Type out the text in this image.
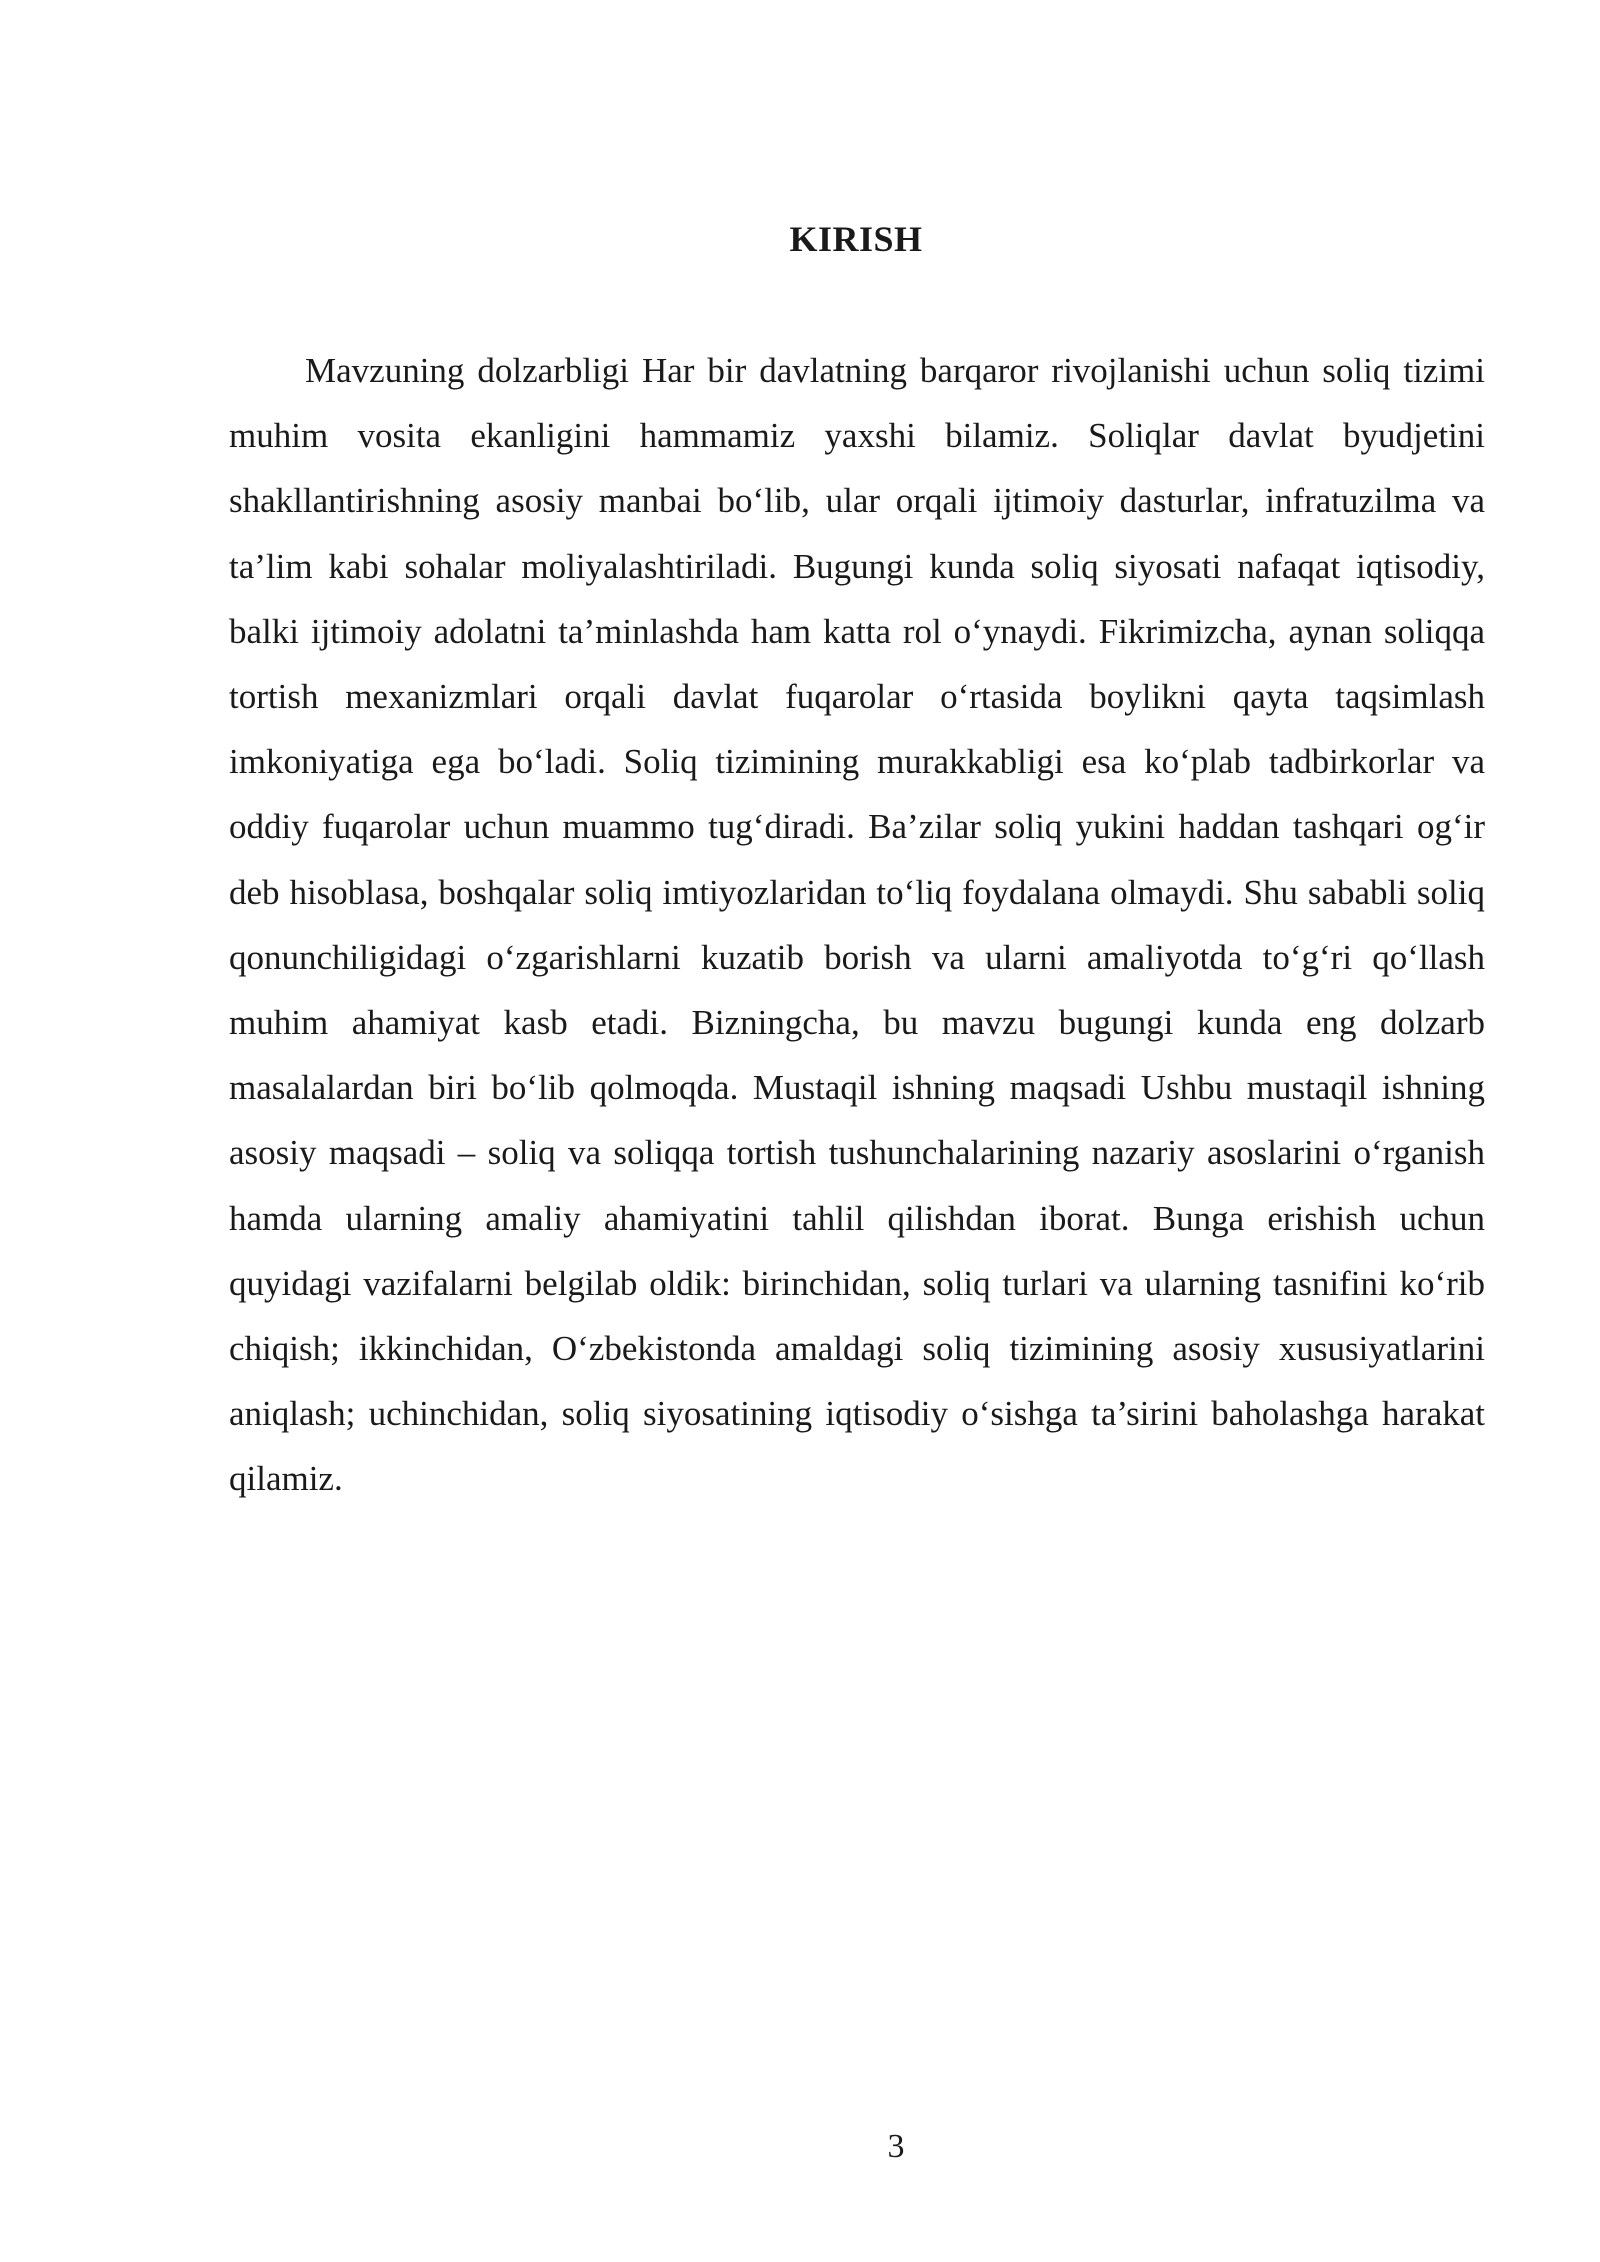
KIRISH

Mavzuning dolzarbligi Har bir davlatning barqaror rivojlanishi uchun soliq tizimi muhim vosita ekanligini hammamiz yaxshi bilamiz. Soliqlar davlat byudjetini shakllantirishning asosiy manbai bo‘lib, ular orqali ijtimoiy dasturlar, infratuzilma va ta’lim kabi sohalar moliyalashtiriladi. Bugungi kunda soliq siyosati nafaqat iqtisodiy, balki ijtimoiy adolatni ta’minlashda ham katta rol o‘ynaydi. Fikrimizcha, aynan soliqqa tortish mexanizmlari orqali davlat fuqarolar o‘rtasida boylikni qayta taqsimlash imkoniyatiga ega bo‘ladi. Soliq tizimining murakkabligi esa ko‘plab tadbirkorlar va oddiy fuqarolar uchun muammo tug‘diradi. Ba’zilar soliq yukini haddan tashqari og‘ir deb hisoblasa, boshqalar soliq imtiyozlaridan to‘liq foydalana olmaydi. Shu sababli soliq qonunchiligidagi o‘zgarishlarni kuzatib borish va ularni amaliyotda to‘g‘ri qo‘llash muhim ahamiyat kasb etadi. Bizningcha, bu mavzu bugungi kunda eng dolzarb masalalardan biri bo‘lib qolmoqda. Mustaqil ishning maqsadi Ushbu mustaqil ishning asosiy maqsadi – soliq va soliqqa tortish tushunchalarining nazariy asoslarini o‘rganish hamda ularning amaliy ahamiyatini tahlil qilishdan iborat. Bunga erishish uchun quyidagi vazifalarni belgilab oldik: birinchidan, soliq turlari va ularning tasnifini ko‘rib chiqish; ikkinchidan, O‘zbekistonda amaldagi soliq tizimining asosiy xususiyatlarini aniqlash; uchinchidan, soliq siyosatining iqtisodiy o‘sishga ta’sirini baholashga harakat qilamiz.

3
